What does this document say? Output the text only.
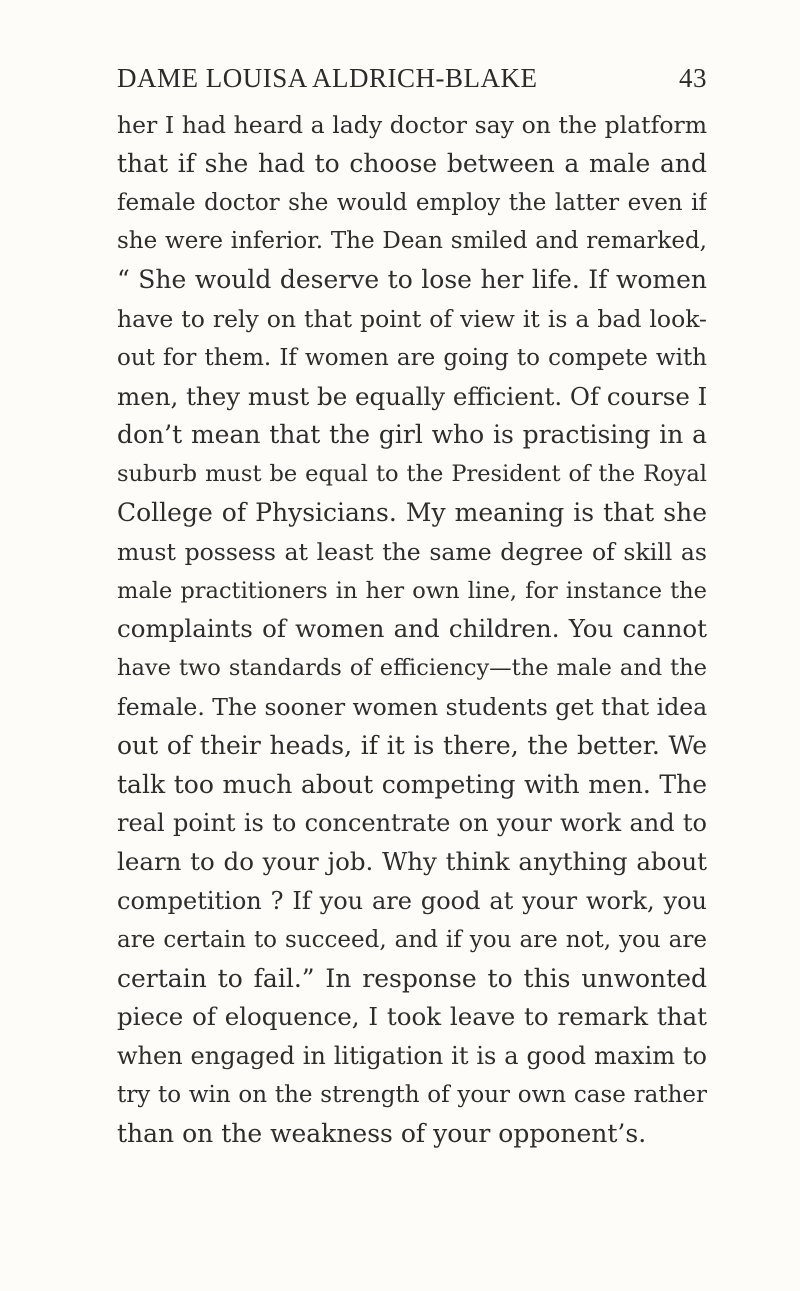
DAME LOUISA ALDRICH-BLAKE	43
her I had heard a lady doctor say on the platform
that if she had to choose between a male and
female doctor she would employ the latter even if
she were inferior. The Dean smiled and remarked,
“ She would deserve to lose her life. If women
have to rely on that point of view it is a bad look-
out for them. If women are going to compete with
men, they must be equally efficient. Of course I
don’t mean that the girl who is practising in a
suburb must be equal to the President of the Royal
College of Physicians. My meaning is that she
must possess at least the same degree of skill as
male practitioners in her own line, for instance the
complaints of women and children. You cannot
have two standards of efficiency—the male and the
female. The sooner women students get that idea
out of their heads, if it is there, the better. We
talk too much about competing with men. The
real point is to concentrate on your work and to
learn to do your job. Why think anything about
competition ? If you are good at your work, you
are certain to succeed, and if you are not, you are
certain to fail.” In response to this unwonted
piece of eloquence, I took leave to remark that
when engaged in litigation it is a good maxim to
try to win on the strength of your own case rather
than on the weakness of your opponent’s.
